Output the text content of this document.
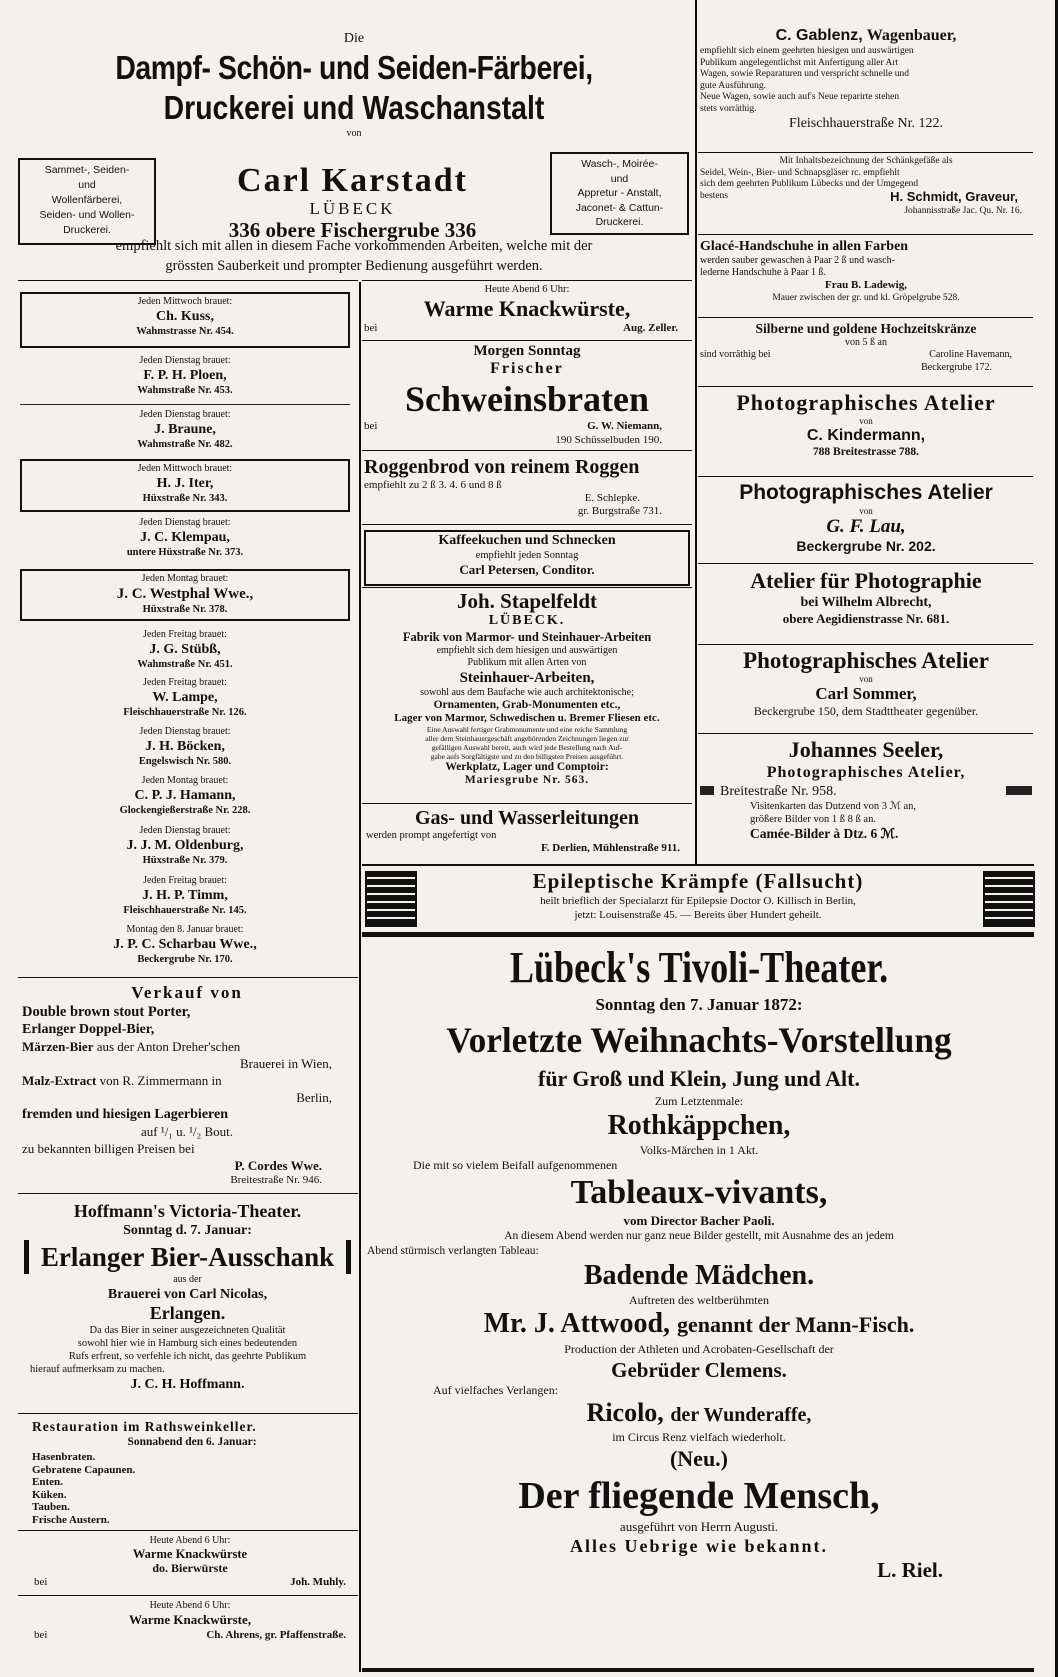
Die
Dampf- Schön- und Seiden-Färberei,
Druckerei und Waschanstalt
von
Sammet-, Seiden-
und
Wollenfärberei,
Seiden- und Wollen-
Druckerei.
Wasch-, Moirée-
und
Appretur - Anstalt,
Jaconet- & Cattun-
Druckerei.
Carl Karstadt
LÜBECK
336 obere Fischergrube 336
empfiehlt sich mit allen in diesem Fache vorkommenden Arbeiten, welche mit der
grössten Sauberkeit und prompter Bedienung ausgeführt werden.
Jeden Mittwoch brauet:
Ch. Kuss,
Wahmstrasse Nr. 454.
Jeden Dienstag brauet:
F. P. H. Ploen,
Wahmstraße Nr. 453.
Jeden Dienstag brauet:
J. Braune,
Wahmstraße Nr. 482.
Jeden Mittwoch brauet:
H. J. Iter,
Hüxstraße Nr. 343.
Jeden Dienstag brauet:
J. C. Klempau,
untere Hüxstraße Nr. 373.
Jeden Montag brauet:
J. C. Westphal Wwe.,
Hüxstraße Nr. 378.
Jeden Freitag brauet:
J. G. Stübß,
Wahmstraße Nr. 451.
Jeden Freitag brauet:
W. Lampe,
Fleischhauerstraße Nr. 126.
Jeden Dienstag brauet:
J. H. Böcken,
Engelswisch Nr. 580.
Jeden Montag brauet:
C. P. J. Hamann,
Glockengießerstraße Nr. 228.
Jeden Dienstag brauet:
J. J. M. Oldenburg,
Hüxstraße Nr. 379.
Jeden Freitag brauet:
J. H. P. Timm,
Fleischhauerstraße Nr. 145.
Montag den 8. Januar brauet:
J. P. C. Scharbau Wwe.,
Beckergrube Nr. 170.
Verkauf von
Double brown stout Porter,
Erlanger Doppel-Bier,
Märzen-Bier aus der Anton Dreher'schen
Brauerei in Wien,
Malz-Extract von R. Zimmermann in
Berlin,
fremden und hiesigen Lagerbieren
auf ¹/₁ u. ¹/₂ Bout.
zu bekannten billigen Preisen bei
P. Cordes Wwe.
Breitestraße Nr. 946.
Hoffmann's Victoria-Theater.
Sonntag d. 7. Januar:
Erlanger Bier-Ausschank
aus der
Brauerei von Carl Nicolas,
Erlangen.
Da das Bier in seiner ausgezeichneten Qualität
sowohl hier wie in Hamburg sich eines bedeutenden
Rufs erfreut, so verfehle ich nicht, das geehrte Publikum
hierauf aufmerksam zu machen.
J. C. H. Hoffmann.
Restauration im Rathsweinkeller.
Sonnabend den 6. Januar:
Hasenbraten.
Gebratene Capaunen.
Enten.
Küken.
Tauben.
Frische Austern.
Heute Abend 6 Uhr:
Warme Knackwürste
do. Bierwürste
bei	Joh. Muhly.
Heute Abend 6 Uhr:
Warme Knackwürste,
bei	Ch. Ahrens, gr. Pfaffenstraße.
Heute Abend 6 Uhr:
Warme Knackwürste,
bei	Aug. Zeller.
Morgen Sonntag
Frischer
Schweinsbraten
bei	G. W. Niemann,
190 Schüsselbuden 190.
Roggenbrod von reinem Roggen
empfiehlt zu 2 ß 3. 4. 6 und 8 ß
E. Schlepke.
gr. Burgstraße 731.
Kaffeekuchen und Schnecken
empfiehlt jeden Sonntag
Carl Petersen, Conditor.
Joh. Stapelfeldt
LÜBECK.
Fabrik von Marmor- und Steinhauer-Arbeiten
empfiehlt sich dem hiesigen und auswärtigen
Publikum mit allen Arten von
Steinhauer-Arbeiten,
sowohl aus dem Baufache wie auch architektonische;
Ornamenten, Grab-Monumenten etc.,
Lager von Marmor, Schwedischen u. Bremer Fliesen etc.
Eine Auswahl fertiger Grabmonumente und eine reiche Sammlung
aller dem Steinhauergeschäft angehörenden Zeichnungen liegen zur
gefälligen Auswahl bereit, auch wird jede Bestellung nach Auf-
gabe aufs Sorgfältigste und zu den billigsten Preisen ausgeführt.
Werkplatz, Lager und Comptoir:
Mariesgrube Nr. 563.
Gas- und Wasserleitungen
werden prompt angefertigt von
F. Derlien, Mühlenstraße 911.
C. Gablenz, Wagenbauer,
empfiehlt sich einem geehrten hiesigen und auswärtigen
Publikum angelegentlichst mit Anfertigung aller Art
Wagen, sowie Reparaturen und verspricht schnelle und
gute Ausführung.
Neue Wagen, sowie auch auf's Neue reparirte stehen
stets vorräthig.
Fleischhauerstraße Nr. 122.
Mit Inhaltsbezeichnung der Schänkgefäße als
Seidel, Wein-, Bier- und Schnapsgläser rc. empfiehlt
sich dem geehrten Publikum Lübecks und der Umgegend
bestens	H. Schmidt, Graveur,
Johannisstraße Jac. Qu. Nr. 16.
Glacé-Handschuhe in allen Farben
werden sauber gewaschen à Paar 2 ß und wasch-
lederne Handschuhe à Paar 1 ß.
Frau B. Ladewig,
Mauer zwischen der gr. und kl. Gröpelgrube 528.
Silberne und goldene Hochzeitskränze
von 5 ß an
sind vorräthig bei	Caroline Havemann,
Beckergrube 172.
Photographisches Atelier
von
C. Kindermann,
788 Breitestrasse 788.
Photographisches Atelier
von
G. F. Lau,
Beckergrube Nr. 202.
Atelier für Photographie
bei Wilhelm Albrecht,
obere Aegidienstrasse Nr. 681.
Photographisches Atelier
von
Carl Sommer,
Beckergrube 150, dem Stadttheater gegenüber.
Johannes Seeler,
Photographisches Atelier,
Breitestraße Nr. 958.
Visitenkarten das Dutzend von 3 ℳ an,
größere Bilder von 1 ß 8 ß an.
Camée-Bilder à Dtz. 6 ℳ.
Epileptische Krämpfe (Fallsucht)
heilt brieflich der Specialarzt für Epilepsie Doctor O. Killisch in Berlin,
jetzt: Louisenstraße 45. — Bereits über Hundert geheilt.
Lübeck's Tivoli-Theater.
Sonntag den 7. Januar 1872:
Vorletzte Weihnachts-Vorstellung
für Groß und Klein, Jung und Alt.
Zum Letztenmale:
Rothkäppchen,
Volks-Märchen in 1 Akt.
Die mit so vielem Beifall aufgenommenen
Tableaux-vivants,
vom Director Bacher Paoli.
An diesem Abend werden nur ganz neue Bilder gestellt, mit Ausnahme des an jedem
Abend stürmisch verlangten Tableau:
Badende Mädchen.
Auftreten des weltberühmten
Mr. J. Attwood, genannt der Mann-Fisch.
Production der Athleten und Acrobaten-Gesellschaft der
Gebrüder Clemens.
Auf vielfaches Verlangen:
Ricolo, der Wunderaffe,
im Circus Renz vielfach wiederholt.
(Neu.)
Der fliegende Mensch,
ausgeführt von Herrn Augusti.
Alles Uebrige wie bekannt.
L. Riel.
